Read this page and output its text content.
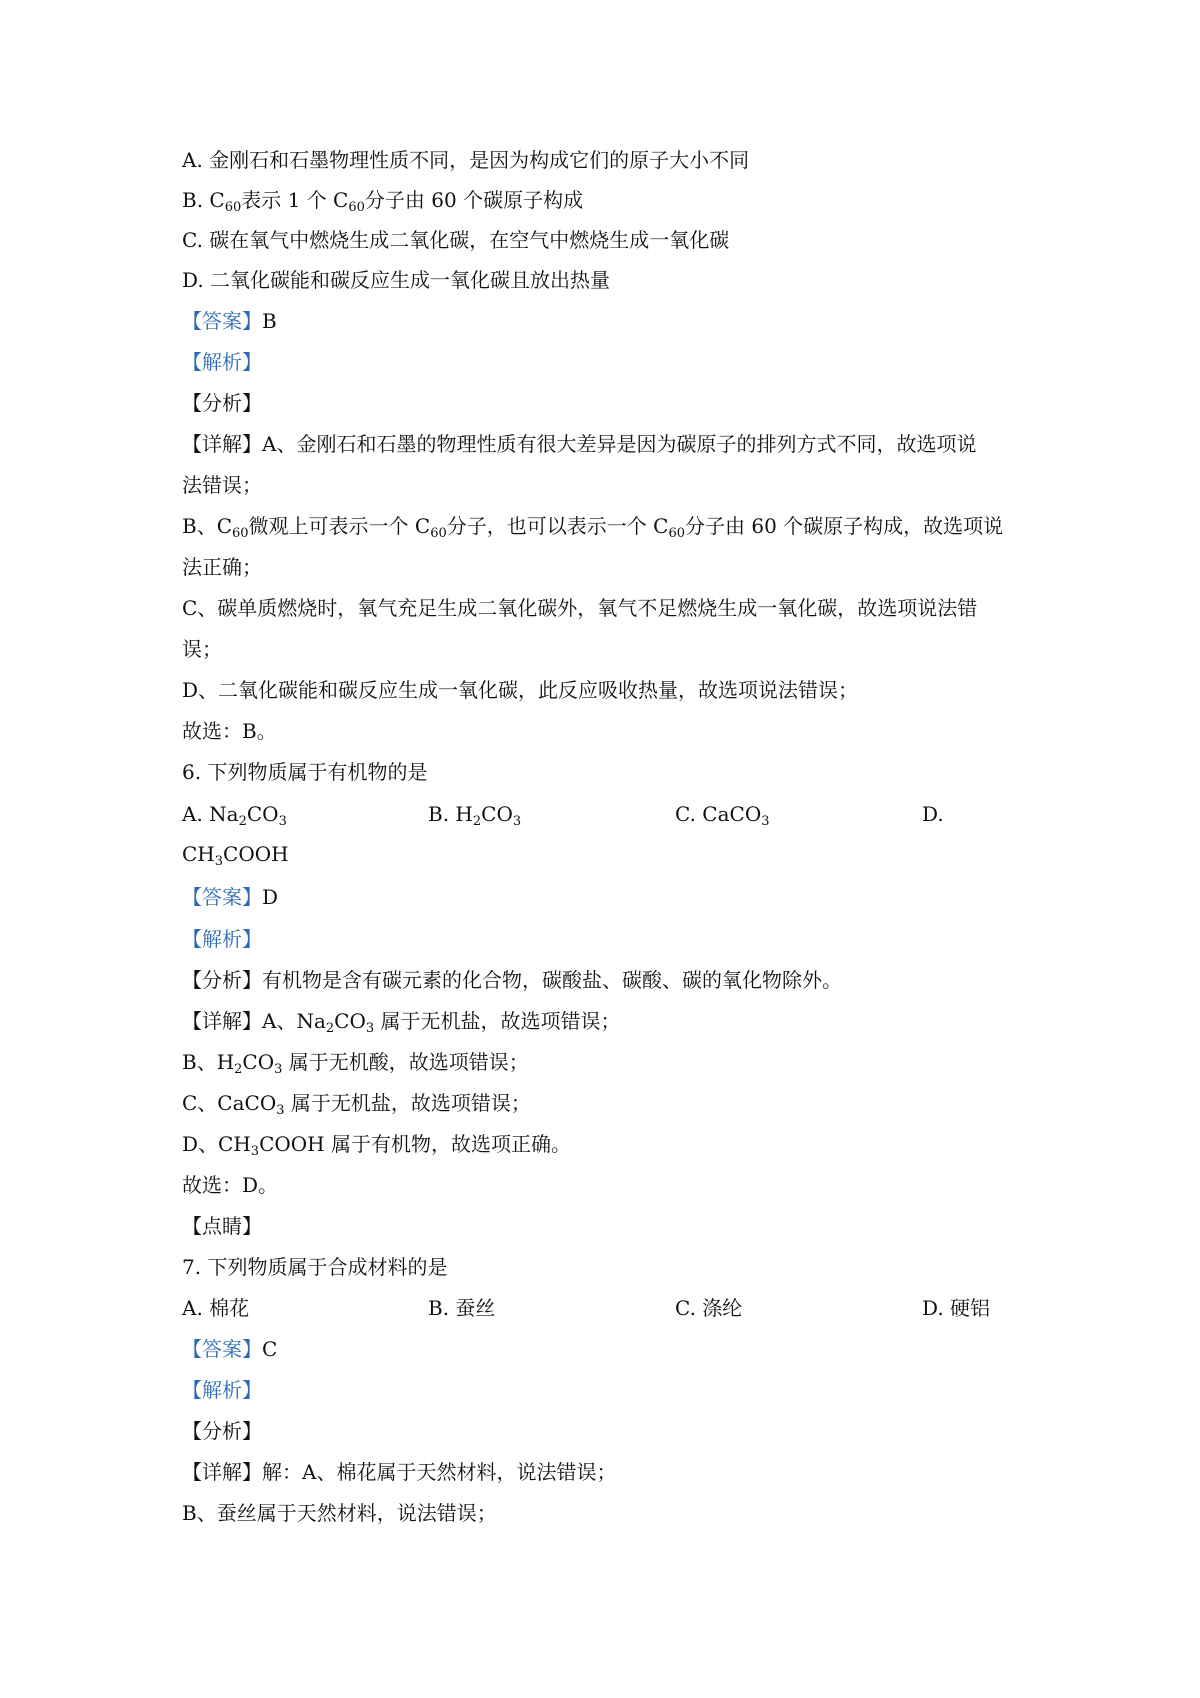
A. 金刚石和石墨物理性质不同，是因为构成它们的原子大小不同
B. $C_{60}$表示 1 个 $C_{60}$分子由 60 个碳原子构成
C. 碳在氧气中燃烧生成二氧化碳，在空气中燃烧生成一氧化碳
D. 二氧化碳能和碳反应生成一氧化碳且放出热量
【答案】B
【解析】
【分析】
【详解】A、金刚石和石墨的物理性质有很大差异是因为碳原子的排列方式不同，故选项说
法错误；
B、$C_{60}$微观上可表示一个 $C_{60}$分子，也可以表示一个 $C_{60}$分子由 60 个碳原子构成，故选项说
法正确；
C、碳单质燃烧时，氧气充足生成二氧化碳外，氧气不足燃烧生成一氧化碳，故选项说法错
误；
D、二氧化碳能和碳反应生成一氧化碳，此反应吸收热量，故选项说法错误；
故选：B。
6. 下列物质属于有机物的是
A. $Na_2CO_3$	B. $H_2CO_3$	C. CaCO$_3$	D.
$CH_3COOH$
【答案】D
【解析】
【分析】有机物是含有碳元素的化合物，碳酸盐、碳酸、碳的氧化物除外。
【详解】A、$Na_2CO_3$ 属于无机盐，故选项错误；
B、$H_2CO_3$ 属于无机酸，故选项错误；
C、CaCO$_3$ 属于无机盐，故选项错误；
D、$CH_3COOH$ 属于有机物，故选项正确。
故选：D。
【点睛】
7. 下列物质属于合成材料的是
A. 棉花	B. 蚕丝	C. 涤纶	D. 硬铝
【答案】C
【解析】
【分析】
【详解】解：A、棉花属于天然材料，说法错误；
B、蚕丝属于天然材料，说法错误；
